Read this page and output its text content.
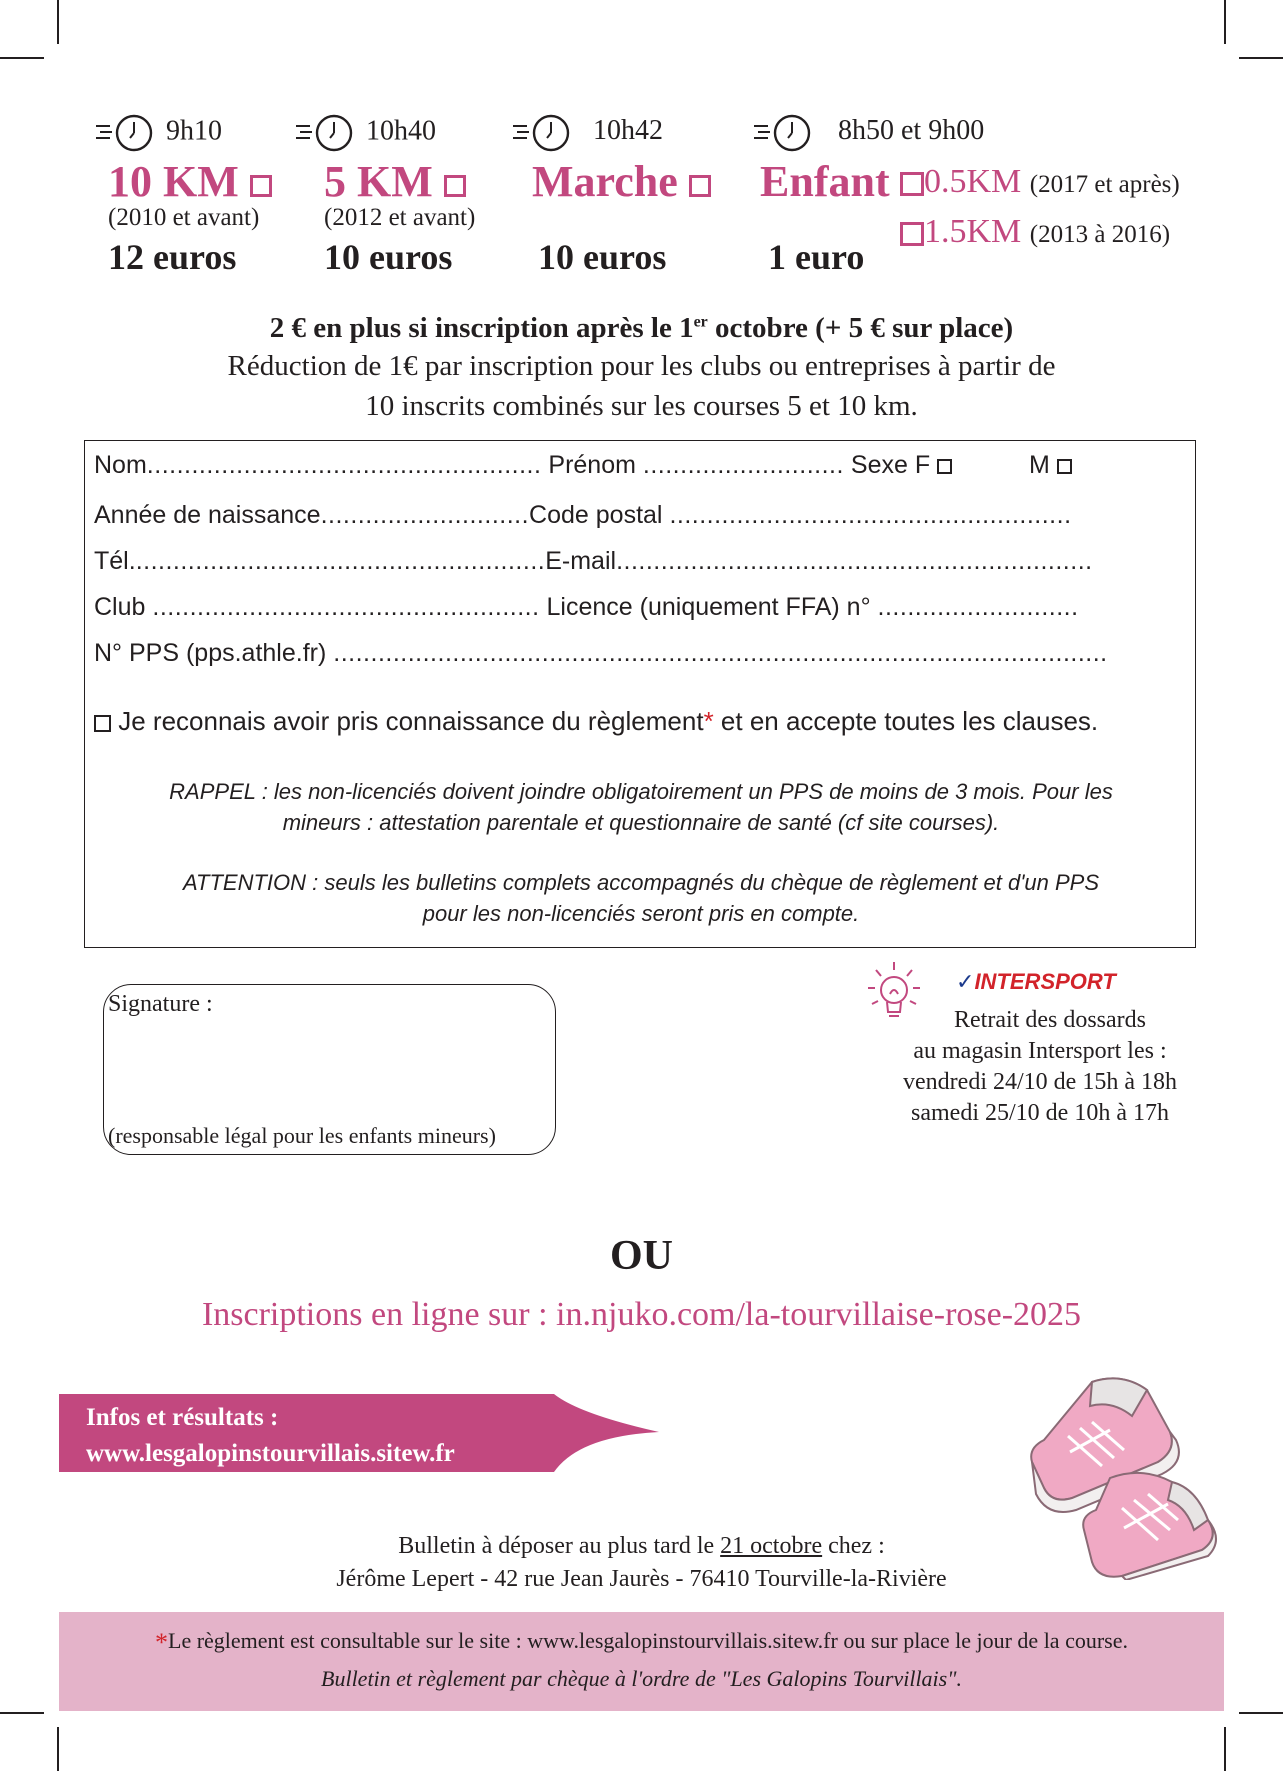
9h10
10 KM
(2010 et avant)
12 euros
10h40
5 KM
(2012 et avant)
10 euros
10h42
Marche
10 euros
8h50 et 9h00
Enfant	0.5KM (2017 et après)
1.5KM (2013 à 2016)
1 euro
2 € en plus si inscription après le 1er octobre (+ 5 € sur place)
Réduction de 1€ par inscription pour les clubs ou entreprises à partir de
10 inscrits combinés sur les courses 5 et 10 km.
Nom..................................................... Prénom ........................... Sexe F	M
Année de naissance............................Code postal ......................................................
Tél........................................................E-mail................................................................
Club .................................................... Licence (uniquement FFA) n° ...........................
N° PPS (pps.athle.fr) ........................................................................................................
Je reconnais avoir pris connaissance du règlement* et en accepte toutes les clauses.
RAPPEL : les non-licenciés doivent joindre obligatoirement un PPS de moins de 3 mois. Pour les
mineurs : attestation parentale et questionnaire de santé (cf site courses).
ATTENTION : seuls les bulletins complets accompagnés du chèque de règlement et d'un PPS
pour les non-licenciés seront pris en compte.
Signature :
(responsable légal pour les enfants mineurs)
✓INTERSPORT
Retrait des dossards
au magasin Intersport les :
vendredi 24/10 de 15h à 18h
samedi 25/10 de 10h à 17h
OU
Inscriptions en ligne sur : in.njuko.com/la-tourvillaise-rose-2025
Infos et résultats :
www.lesgalopinstourvillais.sitew.fr
Bulletin à déposer au plus tard le 21 octobre chez :
Jérôme Lepert - 42 rue Jean Jaurès - 76410 Tourville-la-Rivière
*Le règlement est consultable sur le site : www.lesgalopinstourvillais.sitew.fr ou sur place le jour de la course.
Bulletin et règlement par chèque à l'ordre de "Les Galopins Tourvillais".
